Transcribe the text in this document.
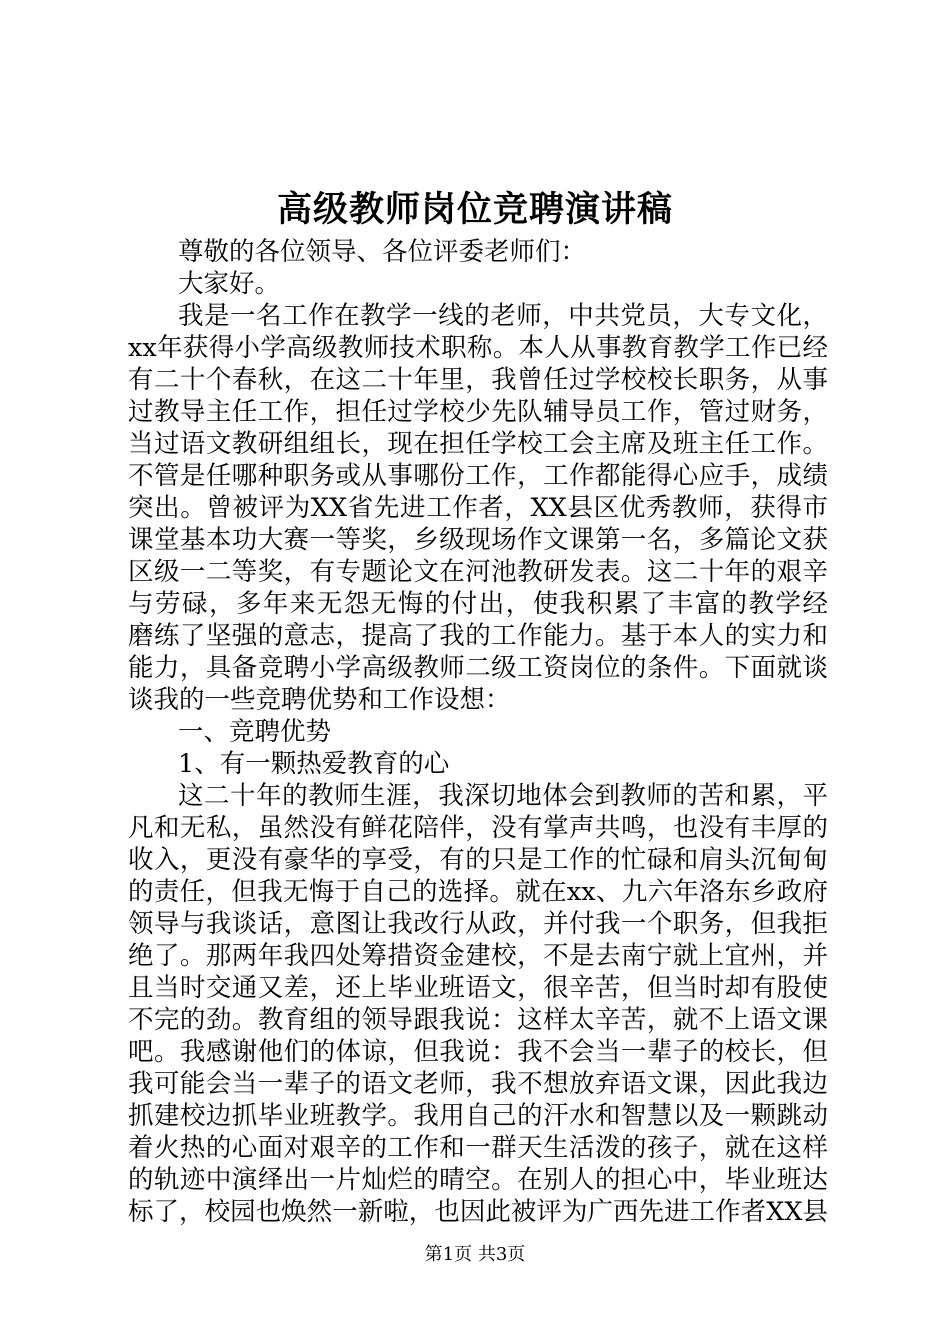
高级教师岗位竞聘演讲稿
尊敬的各位领导、各位评委老师们：
大家好。
我是一名工作在教学一线的老师，中共党员，大专文化，
xx年获得小学高级教师技术职称。本人从事教育教学工作已经
有二十个春秋，在这二十年里，我曾任过学校校长职务，从事
过教导主任工作，担任过学校少先队辅导员工作，管过财务，
当过语文教研组组长，现在担任学校工会主席及班主任工作。
不管是任哪种职务或从事哪份工作，工作都能得心应手，成绩
突出。曾被评为XX省先进工作者，XX县区优秀教师，获得市
课堂基本功大赛一等奖，乡级现场作文课第一名，多篇论文获
区级一二等奖，有专题论文在河池教研发表。这二十年的艰辛
与劳碌，多年来无怨无悔的付出，使我积累了丰富的教学经
磨练了坚强的意志，提高了我的工作能力。基于本人的实力和
能力，具备竞聘小学高级教师二级工资岗位的条件。下面就谈
谈我的一些竞聘优势和工作设想：
一、竞聘优势
1、有一颗热爱教育的心
这二十年的教师生涯，我深切地体会到教师的苦和累，平
凡和无私，虽然没有鲜花陪伴，没有掌声共鸣，也没有丰厚的
收入，更没有豪华的享受，有的只是工作的忙碌和肩头沉甸甸
的责任，但我无悔于自己的选择。就在xx、九六年洛东乡政府
领导与我谈话，意图让我改行从政，并付我一个职务，但我拒
绝了。那两年我四处筹措资金建校，不是去南宁就上宜州，并
且当时交通又差，还上毕业班语文，很辛苦，但当时却有股使
不完的劲。教育组的领导跟我说：这样太辛苦，就不上语文课
吧。我感谢他们的体谅，但我说：我不会当一辈子的校长，但
我可能会当一辈子的语文老师，我不想放弃语文课，因此我边
抓建校边抓毕业班教学。我用自己的汗水和智慧以及一颗跳动
着火热的心面对艰辛的工作和一群天生活泼的孩子，就在这样
的轨迹中演绎出一片灿烂的晴空。在别人的担心中，毕业班达
标了，校园也焕然一新啦，也因此被评为广西先进工作者XX县
第1页 共3页
